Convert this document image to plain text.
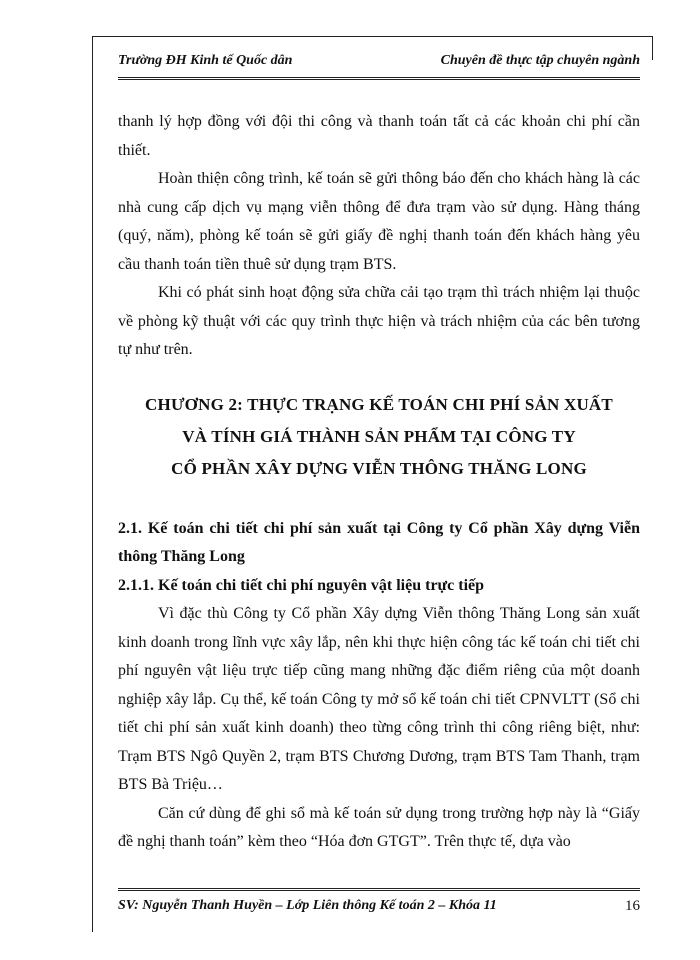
Trường ĐH Kinh tế Quốc dân	Chuyên đề thực tập chuyên ngành

thanh lý hợp đồng với đội thi công và thanh toán tất cả các khoản chi phí cần thiết.

Hoàn thiện công trình, kế toán sẽ gửi thông báo đến cho khách hàng là các nhà cung cấp dịch vụ mạng viễn thông để đưa trạm vào sử dụng. Hàng tháng (quý, năm), phòng kế toán sẽ gửi giấy đề nghị thanh toán đến khách hàng yêu cầu thanh toán tiền thuê sử dụng trạm BTS.

Khi có phát sinh hoạt động sửa chữa cải tạo trạm thì trách nhiệm lại thuộc về phòng kỹ thuật với các quy trình thực hiện và trách nhiệm của các bên tương tự như trên.

CHƯƠNG 2: THỰC TRẠNG KẾ TOÁN CHI PHÍ SẢN XUẤT
VÀ TÍNH GIÁ THÀNH SẢN PHẨM TẠI CÔNG TY
CỔ PHẦN XÂY DỰNG VIỄN THÔNG THĂNG LONG

2.1. Kế toán chi tiết chi phí sản xuất tại Công ty Cổ phần Xây dựng Viễn thông Thăng Long

2.1.1. Kế toán chi tiết chi phí nguyên vật liệu trực tiếp

Vì đặc thù Công ty Cổ phần Xây dựng Viễn thông Thăng Long sản xuất kinh doanh trong lĩnh vực xây lắp, nên khi thực hiện công tác kế toán chi tiết chi phí nguyên vật liệu trực tiếp cũng mang những đặc điểm riêng của một doanh nghiệp xây lắp. Cụ thể, kế toán Công ty mở sổ kế toán chi tiết CPNVLTT (Sổ chi tiết chi phí sản xuất kinh doanh) theo từng công trình thi công riêng biệt, như: Trạm BTS Ngô Quyền 2, trạm BTS Chương Dương, trạm BTS Tam Thanh, trạm BTS Bà Triệu…

Căn cứ dùng để ghi sổ mà kế toán sử dụng trong trường hợp này là “Giấy đề nghị thanh toán” kèm theo “Hóa đơn GTGT”. Trên thực tế, dựa vào

SV: Nguyễn Thanh Huyền – Lớp Liên thông Kế toán 2 – Khóa 11	16
